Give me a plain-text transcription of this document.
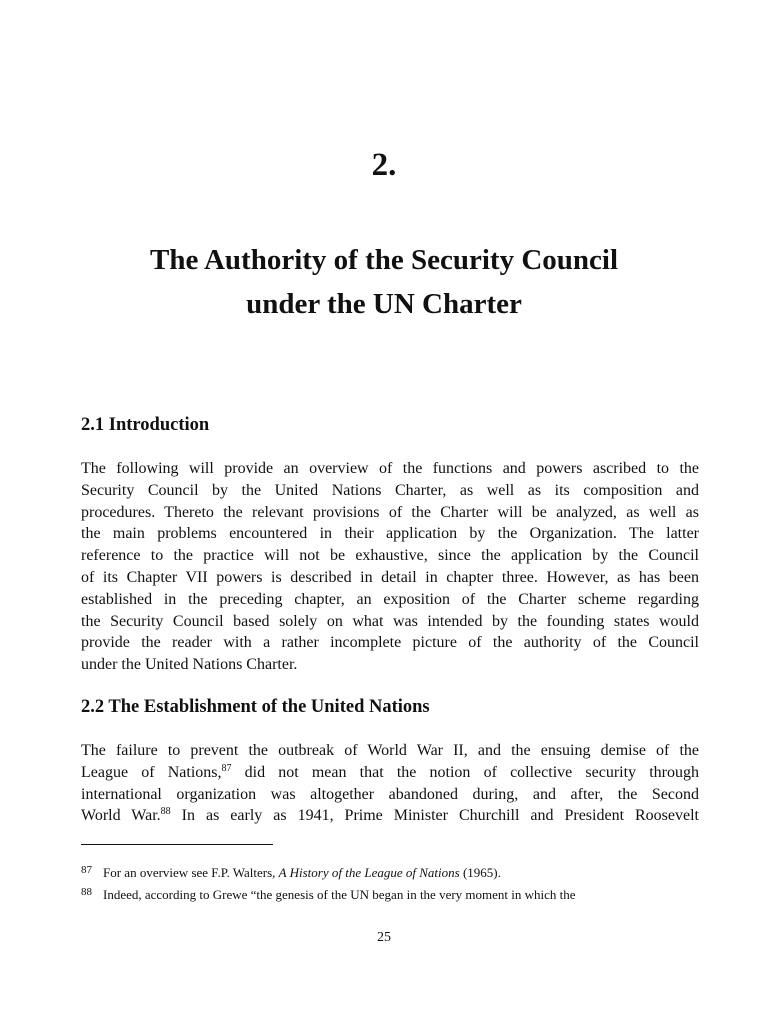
2.
The Authority of the Security Council
under the UN Charter
2.1 Introduction

The following will provide an overview of the functions and powers ascribed to the
Security Council by the United Nations Charter, as well as its composition and
procedures. Thereto the relevant provisions of the Charter will be analyzed, as well as
the main problems encountered in their application by the Organization. The latter
reference to the practice will not be exhaustive, since the application by the Council
of its Chapter VII powers is described in detail in chapter three. However, as has been
established in the preceding chapter, an exposition of the Charter scheme regarding
the Security Council based solely on what was intended by the founding states would
provide the reader with a rather incomplete picture of the authority of the Council
under the United Nations Charter.

2.2 The Establishment of the United Nations

The failure to prevent the outbreak of World War II, and the ensuing demise of the
League of Nations,$^{87}$ did not mean that the notion of collective security through
international organization was altogether abandoned during, and after, the Second
World War.$^{88}$ In as early as 1941, Prime Minister Churchill and President Roosevelt

87 For an overview see F.P. Walters, A History of the League of Nations (1965).

88 Indeed, according to Grewe “the genesis of the UN began in the very moment in which the

25
